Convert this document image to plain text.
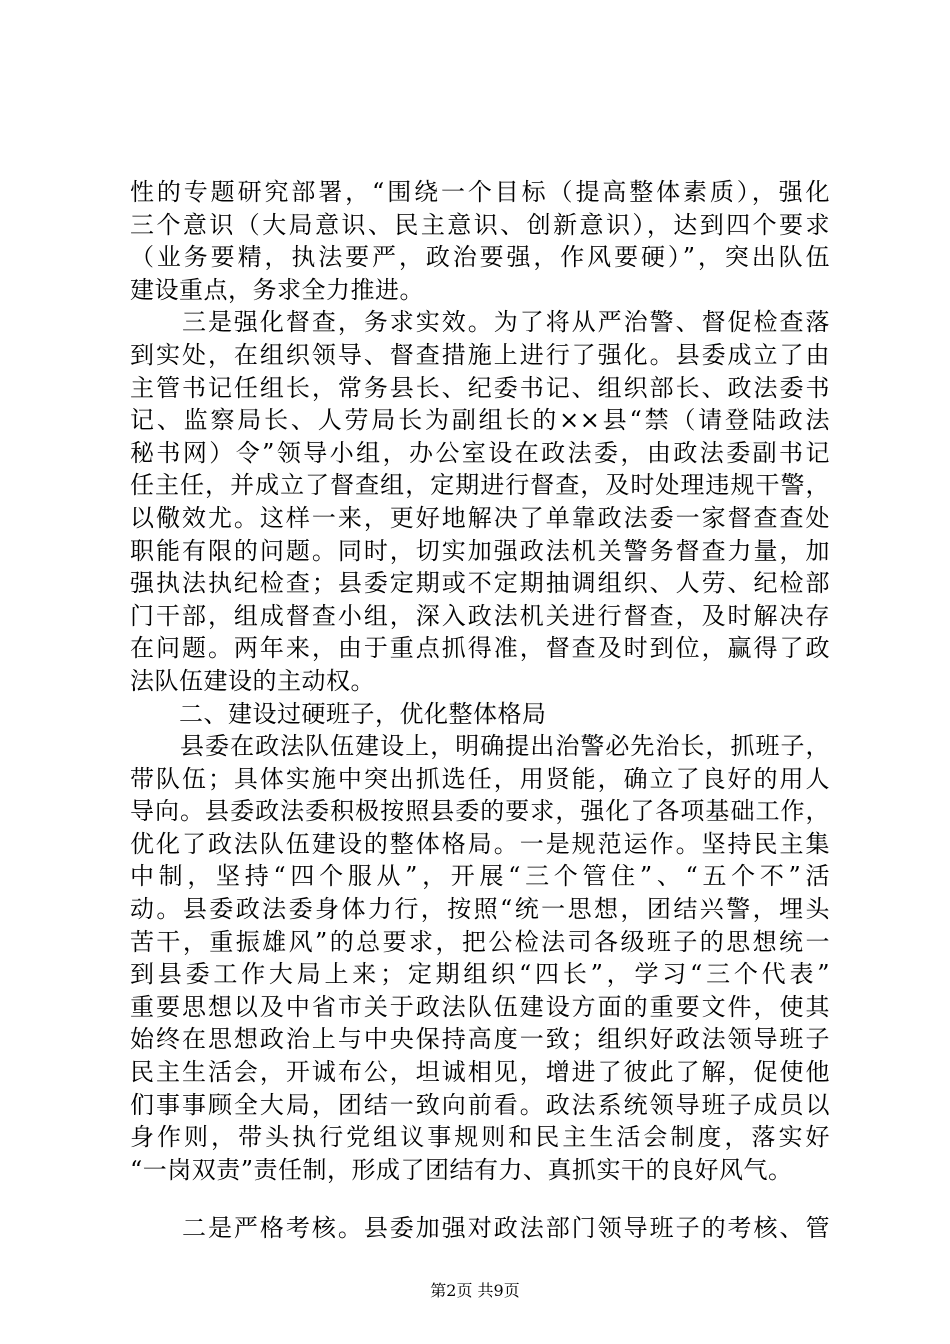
性的专题研究部署，“围绕一个目标（提高整体素质），强化
三个意识（大局意识、民主意识、创新意识），达到四个要求
（业务要精，执法要严，政治要强，作风要硬）”，突出队伍
建设重点，务求全力推进。
　　三是强化督查，务求实效。为了将从严治警、督促检查落
到实处，在组织领导、督查措施上进行了强化。县委成立了由
主管书记任组长，常务县长、纪委书记、组织部长、政法委书
记、监察局长、人劳局长为副组长的××县“禁（请登陆政法
秘书网）令”领导小组，办公室设在政法委，由政法委副书记
任主任，并成立了督查组，定期进行督查，及时处理违规干警，
以儆效尤。这样一来，更好地解决了单靠政法委一家督查查处
职能有限的问题。同时，切实加强政法机关警务督查力量，加
强执法执纪检查；县委定期或不定期抽调组织、人劳、纪检部
门干部，组成督查小组，深入政法机关进行督查，及时解决存
在问题。两年来，由于重点抓得准，督查及时到位，赢得了政
法队伍建设的主动权。
　　二、建设过硬班子，优化整体格局
　　县委在政法队伍建设上，明确提出治警必先治长，抓班子，
带队伍；具体实施中突出抓选任，用贤能，确立了良好的用人
导向。县委政法委积极按照县委的要求，强化了各项基础工作，
优化了政法队伍建设的整体格局。一是规范运作。坚持民主集
中制，坚持“四个服从”，开展“三个管住”、“五个不”活
动。县委政法委身体力行，按照“统一思想，团结兴警，埋头
苦干，重振雄风”的总要求，把公检法司各级班子的思想统一
到县委工作大局上来；定期组织“四长”，学习“三个代表”
重要思想以及中省市关于政法队伍建设方面的重要文件，使其
始终在思想政治上与中央保持高度一致；组织好政法领导班子
民主生活会，开诚布公，坦诚相见，增进了彼此了解，促使他
们事事顾全大局，团结一致向前看。政法系统领导班子成员以
身作则，带头执行党组议事规则和民主生活会制度，落实好
“一岗双责”责任制，形成了团结有力、真抓实干的良好风气。
　　二是严格考核。县委加强对政法部门领导班子的考核、管
第2页 共9页
